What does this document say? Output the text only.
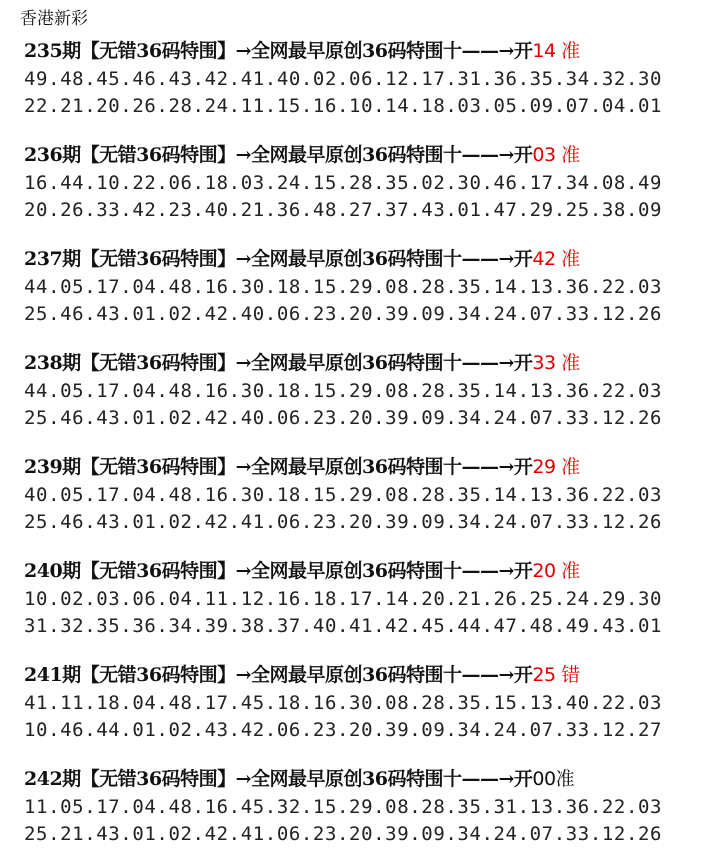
香港新彩
235期【无错36码特围】→全网最早原创36码特围十——→开14 准
49.48.45.46.43.42.41.40.02.06.12.17.31.36.35.34.32.30
22.21.20.26.28.24.11.15.16.10.14.18.03.05.09.07.04.01
236期【无错36码特围】→全网最早原创36码特围十——→开03 准
16.44.10.22.06.18.03.24.15.28.35.02.30.46.17.34.08.49
20.26.33.42.23.40.21.36.48.27.37.43.01.47.29.25.38.09
237期【无错36码特围】→全网最早原创36码特围十——→开42 准
44.05.17.04.48.16.30.18.15.29.08.28.35.14.13.36.22.03
25.46.43.01.02.42.40.06.23.20.39.09.34.24.07.33.12.26
238期【无错36码特围】→全网最早原创36码特围十——→开33 准
44.05.17.04.48.16.30.18.15.29.08.28.35.14.13.36.22.03
25.46.43.01.02.42.40.06.23.20.39.09.34.24.07.33.12.26
239期【无错36码特围】→全网最早原创36码特围十——→开29 准
40.05.17.04.48.16.30.18.15.29.08.28.35.14.13.36.22.03
25.46.43.01.02.42.41.06.23.20.39.09.34.24.07.33.12.26
240期【无错36码特围】→全网最早原创36码特围十——→开20 准
10.02.03.06.04.11.12.16.18.17.14.20.21.26.25.24.29.30
31.32.35.36.34.39.38.37.40.41.42.45.44.47.48.49.43.01
241期【无错36码特围】→全网最早原创36码特围十——→开25 错
41.11.18.04.48.17.45.18.16.30.08.28.35.15.13.40.22.03
10.46.44.01.02.43.42.06.23.20.39.09.34.24.07.33.12.27
242期【无错36码特围】→全网最早原创36码特围十——→开00准
11.05.17.04.48.16.45.32.15.29.08.28.35.31.13.36.22.03
25.21.43.01.02.42.41.06.23.20.39.09.34.24.07.33.12.26
